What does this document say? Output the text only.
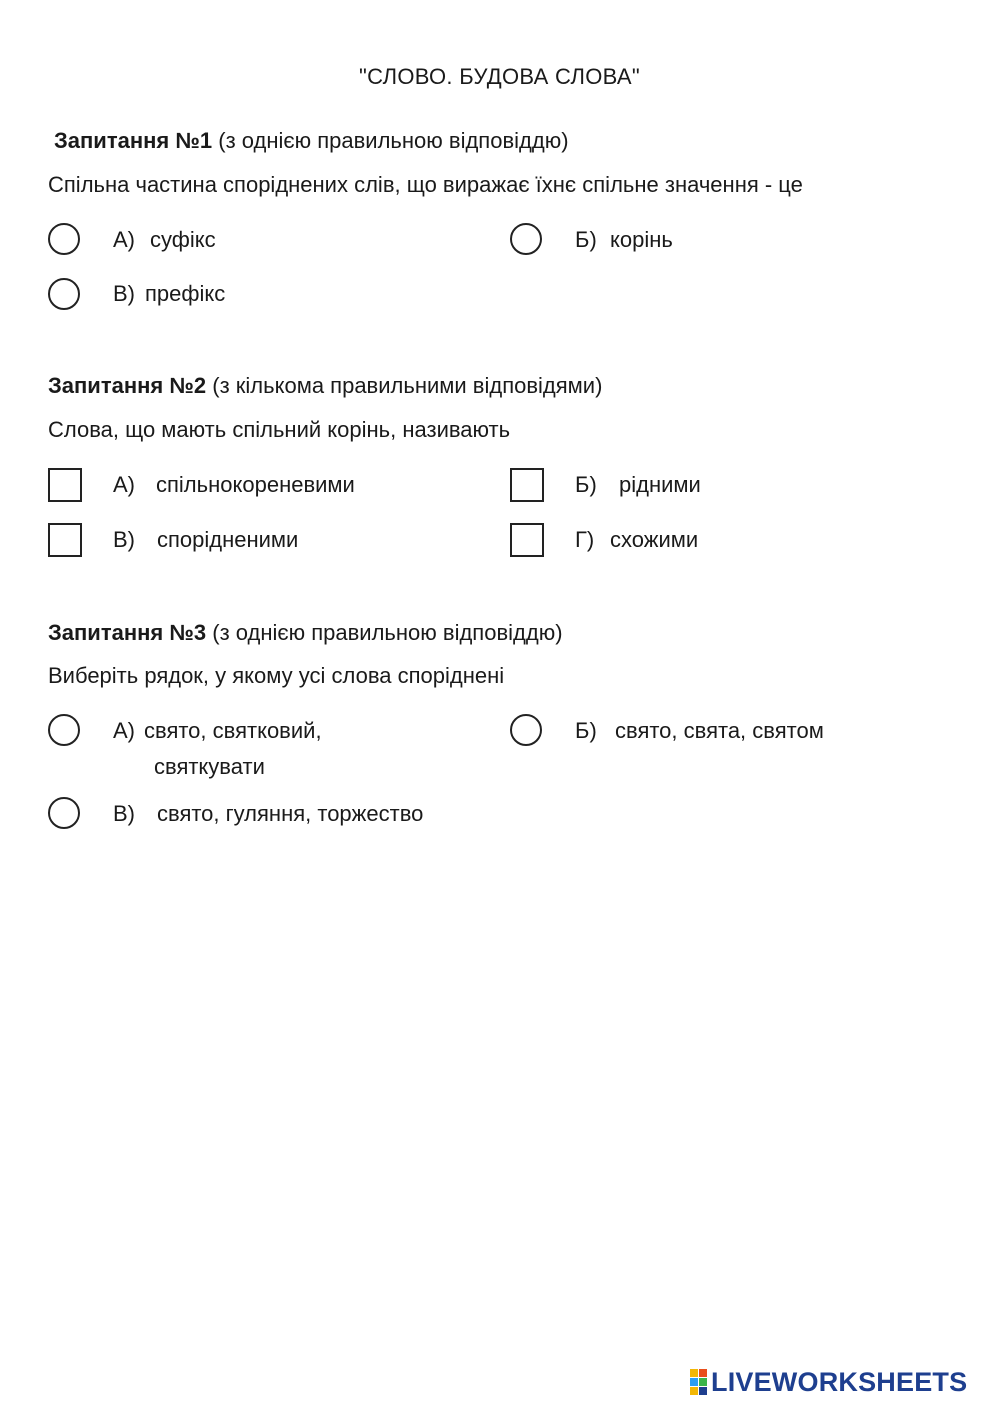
"СЛОВО. БУДОВА СЛОВА"
Запитання №1 (з однією правильною відповіддю)
Спільна частина споріднених слів, що виражає їхнє спільне значення - це
А) суфікс	Б) корінь
В) префікс
Запитання №2 (з кількома правильними відповідями)
Слова, що мають спільний корінь, називають
А) спільнокореневими	Б) рідними
В) спорідненими	Г) схожими
Запитання №3 (з однією правильною відповіддю)
Виберіть рядок, у якому усі слова споріднені
А) свято, святковий,
святкувати
Б) свято, свята, святом
В) свято, гуляння, торжество
LIVEWORKSHEETS
